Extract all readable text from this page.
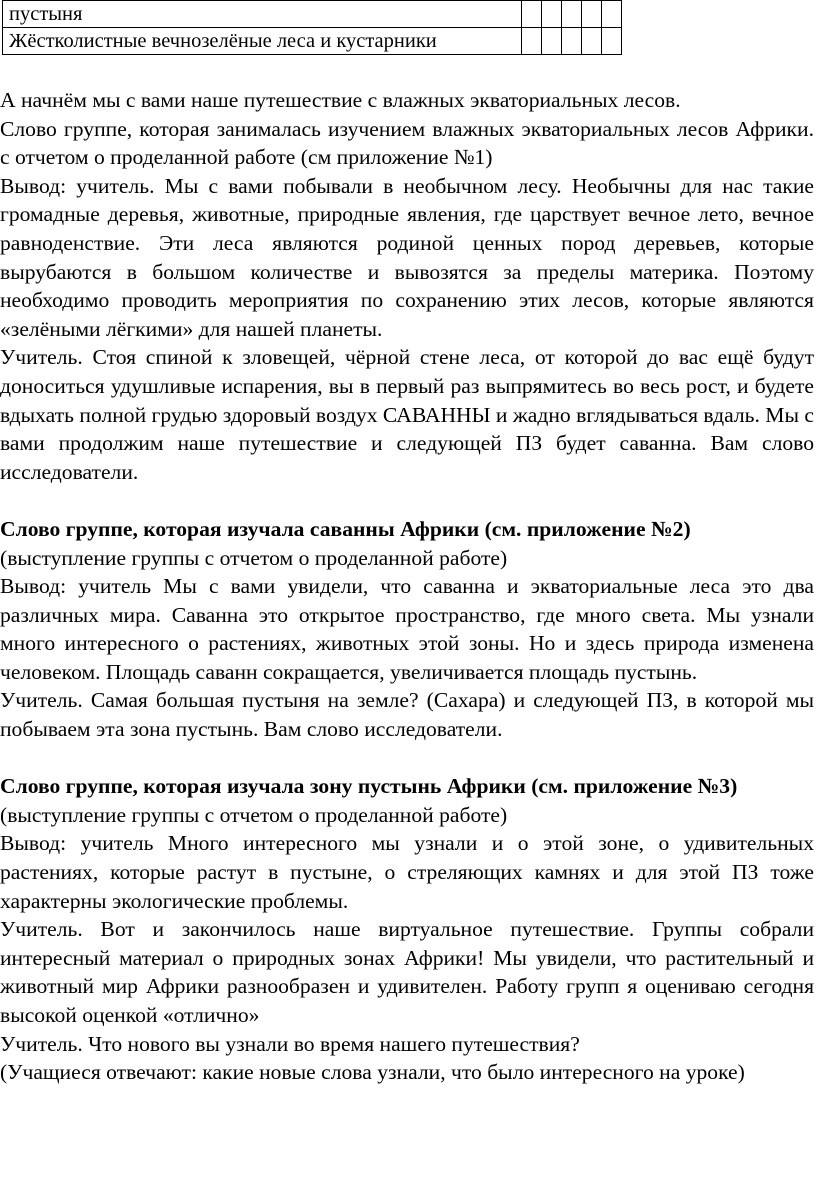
пустыня					
Жёстколистные вечнозелёные леса и кустарники					

А начнём мы с вами наше путешествие с влажных экваториальных лесов.

Слово группе, которая занималась изучением влажных экваториальных лесов Африки. с отчетом о проделанной работе (см приложение №1)

Вывод: учитель. Мы с вами побывали в необычном лесу. Необычны для нас такие громадные деревья, животные, природные явления, где царствует вечное лето, вечное равноденствие. Эти леса являются родиной ценных пород деревьев, которые вырубаются в большом количестве и вывозятся за пределы материка. Поэтому необходимо проводить мероприятия по сохранению этих лесов, которые являются «зелёными лёгкими» для нашей планеты.

Учитель. Стоя спиной к зловещей, чёрной стене леса, от которой до вас ещё будут доноситься удушливые испарения, вы в первый раз выпрямитесь во весь рост, и будете вдыхать полной грудью здоровый воздух САВАННЫ и жадно вглядываться вдаль. Мы с вами продолжим наше путешествие и следующей ПЗ будет саванна. Вам слово исследователи.

Слово группе, которая изучала саванны Африки (см. приложение №2)

(выступление группы с отчетом о проделанной работе)

Вывод: учитель Мы с вами увидели, что саванна и экваториальные леса это два различных мира. Саванна это открытое пространство, где много света. Мы узнали много интересного о растениях, животных этой зоны. Но и здесь природа изменена человеком. Площадь саванн сокращается, увеличивается площадь пустынь.

Учитель. Самая большая пустыня на земле? (Сахара) и следующей ПЗ, в которой мы побываем эта зона пустынь. Вам слово исследователи.

Слово группе, которая изучала зону пустынь Африки (см. приложение №3)

(выступление группы с отчетом о проделанной работе)

Вывод: учитель Много интересного мы узнали и о этой зоне, о удивительных растениях, которые растут в пустыне, о стреляющих камнях и для этой ПЗ тоже характерны экологические проблемы.

Учитель. Вот и закончилось наше виртуальное путешествие. Группы собрали интересный материал о природных зонах Африки! Мы увидели, что растительный и животный мир Африки разнообразен и удивителен. Работу групп я оцениваю сегодня высокой оценкой «отлично»

Учитель. Что нового вы узнали во время нашего путешествия?

(Учащиеся отвечают: какие новые слова узнали, что было интересного на уроке)
